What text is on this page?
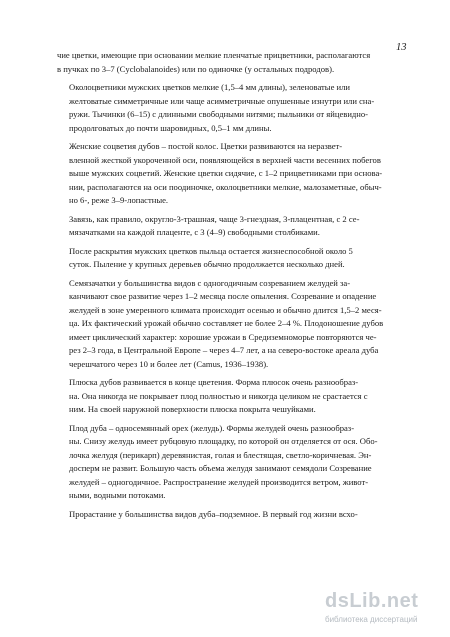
13

чие цветки, имеющие при основании мелкие пленчатые прицветники, располагаются
в пучках по 3–7 (Cyclobalanoides) или по одиночке (у остальных подродов).

Околоцветники мужских цветков мелкие (1,5–4 мм длины), зеленоватые или
желтоватые симметричные или чаще асимметричные опушенные изнутри или сна-
ружи. Тычинки (6–15) с длинными свободными нитями; пыльники от яйцевидно-
продолговатых до почти шаровидных, 0,5–1 мм длины.

Женские соцветия дубов – постой колос. Цветки развиваются на неразвет-
вленной жесткой укороченной оси, появляющейся в верхней части весенних побегов
выше мужских соцветий. Женские цветки сидячие, с 1–2 прицветниками при основа-
нии, располагаются на оси поодиночке, околоцветники мелкие, малозаметные, обыч-
но 6-, реже 3–9-лопастные.

Завязь, как правило, округло-3-трашная, чаще 3-гнездная, 3-плацентная, с 2 се-
мязачатками на каждой плаценте, с 3 (4–9) свободными столбиками.

После раскрытия мужских цветков пыльца остается жизнеспособной около 5
суток. Пыление у крупных деревьев обычно продолжается несколько дней.

Семязачатки у большинства видов с одногодичным созреванием желудей за-
канчивают свое развитие через 1–2 месяца после опыления. Созревание и опадение
желудей в зоне умеренного климата происходит осенью и обычно длится 1,5–2 меся-
ца. Их фактический урожай обычно составляет не более 2–4 %. Плодоношение дубов
имеет циклический характер: хорошие урожаи в Средиземноморье повторяются че-
рез 2–3 года, в Центральной Европе – через 4–7 лет, а на северо-востоке ареала дуба
черешчатого через 10 и более лет (Camus, 1936–1938).

Плюска дубов развивается в конце цветения. Форма плюсок очень разнообраз-
на. Она никогда не покрывает плод полностью и никогда целиком не срастается с
ним. На своей наружной поверхности плюска покрыта чешуйками.

Плод дуба – односемянный орех (желудь). Формы желудей очень разнообраз-
ны. Снизу желудь имеет рубцовую площадку, по которой он отделяется от ося. Обо-
лочка желудя (перикарп) деревянистая, голая и блестящая, светло-коричневая. Эн-
досперм не развит. Большую часть объема желудя занимают семядоли Созревание
желудей – одногодичное. Распространение желудей производится ветром, живот-
ными, водными потоками.

Прорастание у большинства видов дуба–подземное. В первый год жизни всхо-

dsLib.net
библиотека диссертаций
